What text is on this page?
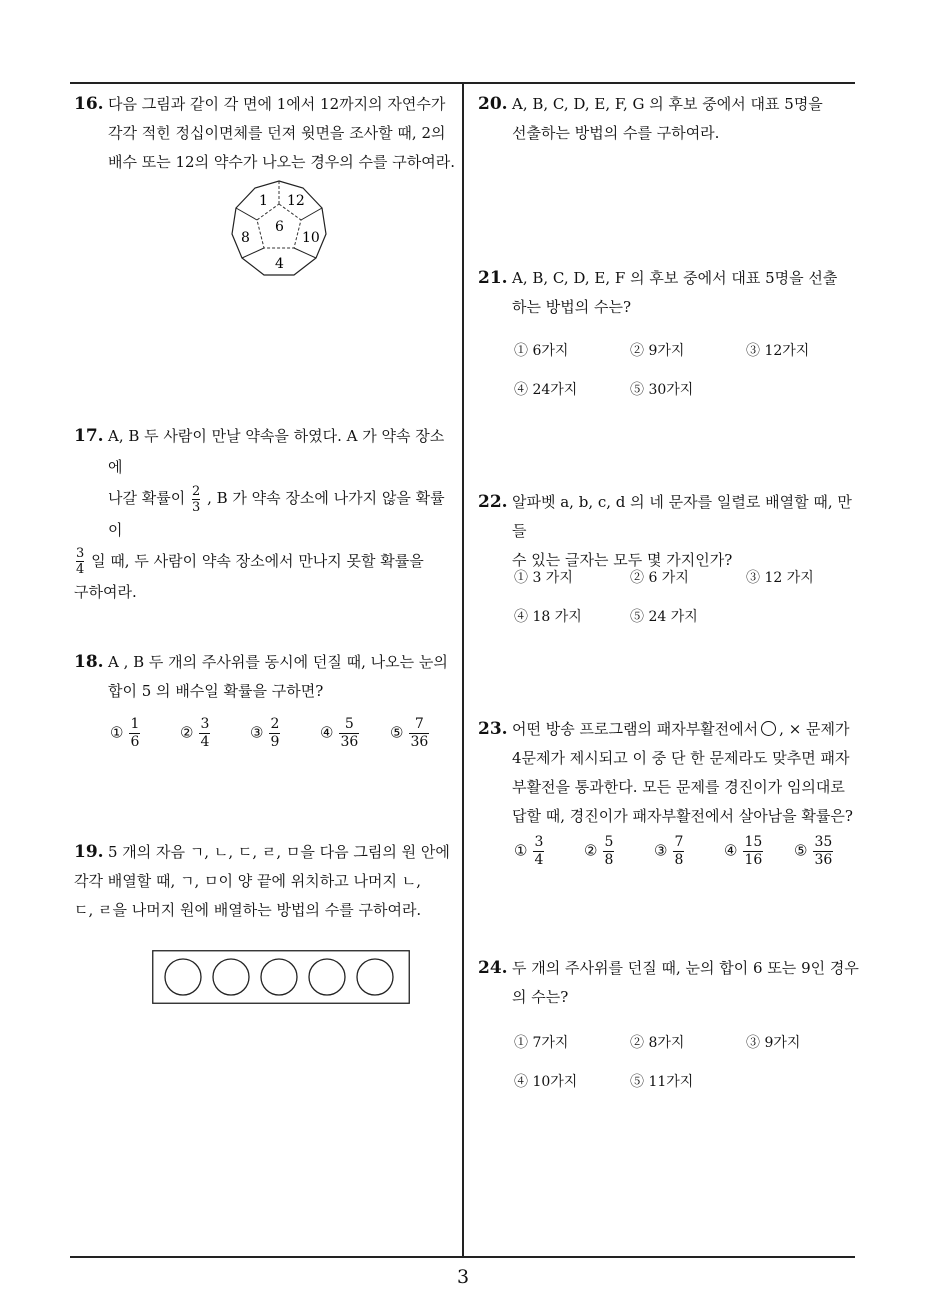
16. 다음 그림과 같이 각 면에 1에서 12까지의 자연수가
각각 적힌 정십이면체를 던져 윗면을 조사할 때, 2의
배수 또는 12의 약수가 나오는 경우의 수를 구하여라.
1 12
6
8	10
4
17. A, B 두 사람이 만날 약속을 하였다. A 가 약속 장소에
나갈 확률이 $\frac{2}{3}$ , B 가 약속 장소에 나가지 않을 확률이
$\frac{3}{4}$ 일 때, 두 사람이 약속 장소에서 만나지 못할 확률을
구하여라.
18. A , B 두 개의 주사위를 동시에 던질 때, 나오는 눈의
합이 5 의 배수일 확률을 구하면?
① $\frac{1}{6}$	② $\frac{3}{4}$	③ $\frac{2}{9}$	④ $\frac{5}{36}$ ⑤ $\frac{7}{36}$
19. 5 개의 자음 ㄱ, ㄴ, ㄷ, ㄹ, ㅁ을 다음 그림의 원 안에
각각 배열할 때, ㄱ, ㅁ이 양 끝에 위치하고 나머지 ㄴ,
ㄷ, ㄹ을 나머지 원에 배열하는 방법의 수를 구하여라.
20. A, B, C, D, E, F, G 의 후보 중에서 대표 5명을
선출하는 방법의 수를 구하여라.
21. A, B, C, D, E, F 의 후보 중에서 대표 5명을 선출
하는 방법의 수는?
① 6가지	② 9가지	③ 12가지
④ 24가지	⑤ 30가지
22. 알파벳 a, b, c, d 의 네 문자를 일렬로 배열할 때, 만들
수 있는 글자는 모두 몇 가지인가?
① 3 가지	② 6 가지	③ 12 가지
④ 18 가지	⑤ 24 가지
23. 어떤 방송 프로그램의 패자부활전에서 , × 문제가
4문제가 제시되고 이 중 단 한 문제라도 맞추면 패자
부활전을 통과한다. 모든 문제를 경진이가 임의대로
답할 때, 경진이가 패자부활전에서 살아남을 확률은?
① $\frac{3}{4}$	② $\frac{5}{8}$	③ $\frac{7}{8}$	④ $\frac{15}{16}$ ⑤ $\frac{35}{36}$
24. 두 개의 주사위를 던질 때, 눈의 합이 6 또는 9인 경우
의 수는?
① 7가지	② 8가지	③ 9가지
④ 10가지	⑤ 11가지
3
